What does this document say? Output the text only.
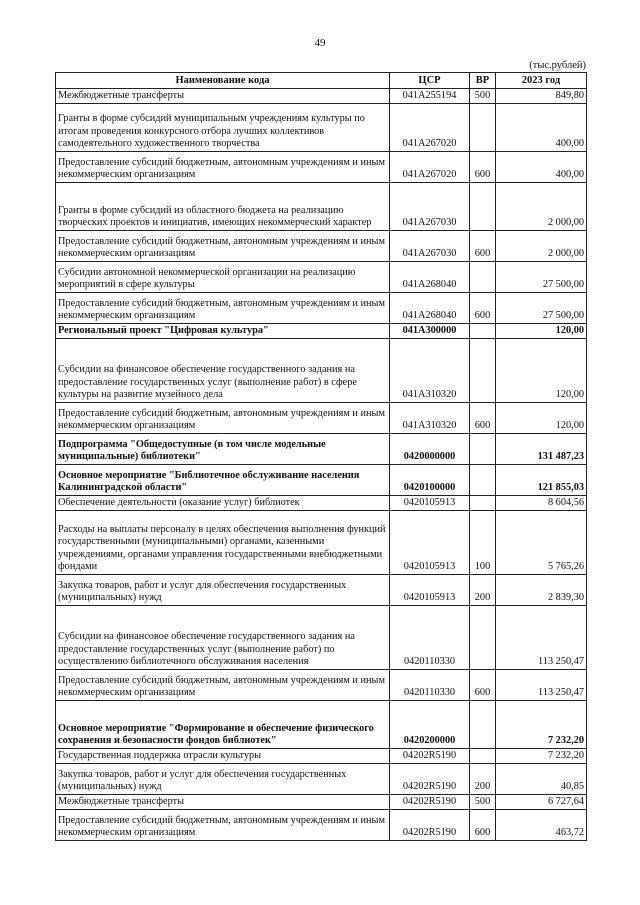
49
(тыс.рублей)
Наименование кода	ЦСР	ВР	2023 год
Межбюджетные трансферты	041A255194	500	849,80
Гранты в форме субсидий муниципальным учреждениям культуры по итогам проведения конкурсного отбора лучших коллективов самодеятельного художественного творчества	041A267020		400,00
Предоставление субсидий бюджетным, автономным учреждениям и иным некоммерческим организациям	041A267020	600	400,00
Гранты в форме субсидий из областного бюджета на реализацию творческих проектов и инициатив, имеющих некоммерческий характер	041A267030		2 000,00
Предоставление субсидий бюджетным, автономным учреждениям и иным некоммерческим организациям	041A267030	600	2 000,00
Субсидии автономной некоммерческой организации на реализацию мероприятий в сфере культуры	041A268040		27 500,00
Предоставление субсидий бюджетным, автономным учреждениям и иным некоммерческим организациям	041A268040	600	27 500,00
Региональный проект "Цифровая культура"	041A300000		120,00
Субсидии на финансовое обеспечение государственного задания на предоставление государственных услуг (выполнение работ) в сфере культуры на развитие музейного дела	041A310320		120,00
Предоставление субсидий бюджетным, автономным учреждениям и иным некоммерческим организациям	041A310320	600	120,00
Подпрограмма "Общедоступные (в том числе модельные муниципальные) библиотеки"	0420000000		131 487,23
Основное мероприятие "Библиотечное обслуживание населения Калининградской области"	0420100000		121 855,03
Обеспечение деятельности (оказание услуг) библиотек	0420105913		8 604,56
Расходы на выплаты персоналу в целях обеспечения выполнения функций государственными (муниципальными) органами, казенными учреждениями, органами управления государственными внебюджетными фондами	0420105913	100	5 765,26
Закупка товаров, работ и услуг для обеспечения государственных (муниципальных) нужд	0420105913	200	2 839,30
Субсидии на финансовое обеспечение государственного задания на предоставление государственных услуг (выполнение работ) по осуществлению библиотечного обслуживания населения	0420110330		113 250,47
Предоставление субсидий бюджетным, автономным учреждениям и иным некоммерческим организациям	0420110330	600	113 250,47
Основное мероприятие "Формирование и обеспечение физического сохранения и безопасности фондов библиотек"	0420200000		7 232,20
Государственная поддержка отрасли культуры	04202R5190		7 232,20
Закупка товаров, работ и услуг для обеспечения государственных (муниципальных) нужд	04202R5190	200	40,85
Межбюджетные трансферты	04202R5190	500	6 727,64
Предоставление субсидий бюджетным, автономным учреждениям и иным некоммерческим организациям	04202R5190	600	463,72
